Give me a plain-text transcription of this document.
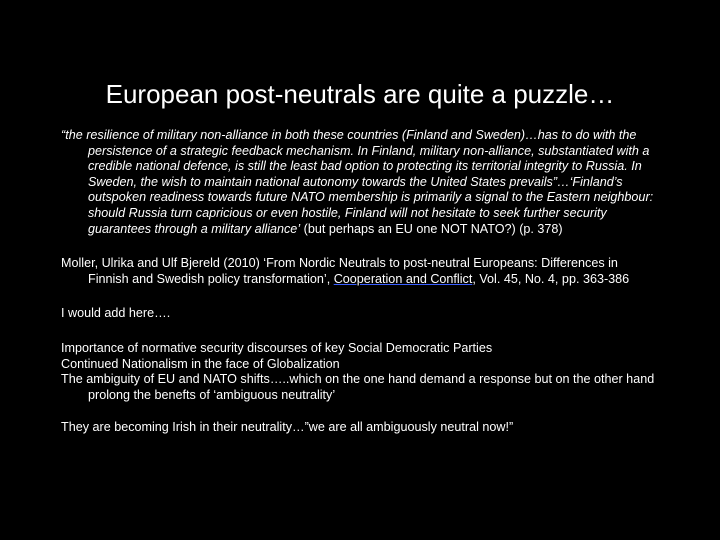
European post-neutrals are quite a puzzle…

“the resilience of military non-alliance in both these countries (Finland and Sweden)…has to do with the persistence of a strategic feedback mechanism. In Finland, military non-alliance, substantiated with a credible national defence, is still the least bad option to protecting its territorial integrity to Russia. In Sweden, the wish to maintain national autonomy towards the United States prevails”…‘Finland’s outspoken readiness towards future NATO membership is primarily a signal to the Eastern neighbour: should Russia turn capricious or even hostile, Finland will not hesitate to seek further security guarantees through a military alliance’ (but perhaps an EU one NOT NATO?) (p. 378)

Moller, Ulrika and Ulf Bjereld (2010) ‘From Nordic Neutrals to post-neutral Europeans: Differences in Finnish and Swedish policy transformation’, Cooperation and Conflict, Vol. 45, No. 4, pp. 363-386

I would add here….

Importance of normative security discourses of key Social Democratic Parties

Continued Nationalism in the face of Globalization

The ambiguity of EU and NATO shifts…..which on the one hand demand a response but on the other hand prolong the benefts of ‘ambiguous neutrality’

They are becoming Irish in their neutrality…”we are all ambiguously neutral now!”
